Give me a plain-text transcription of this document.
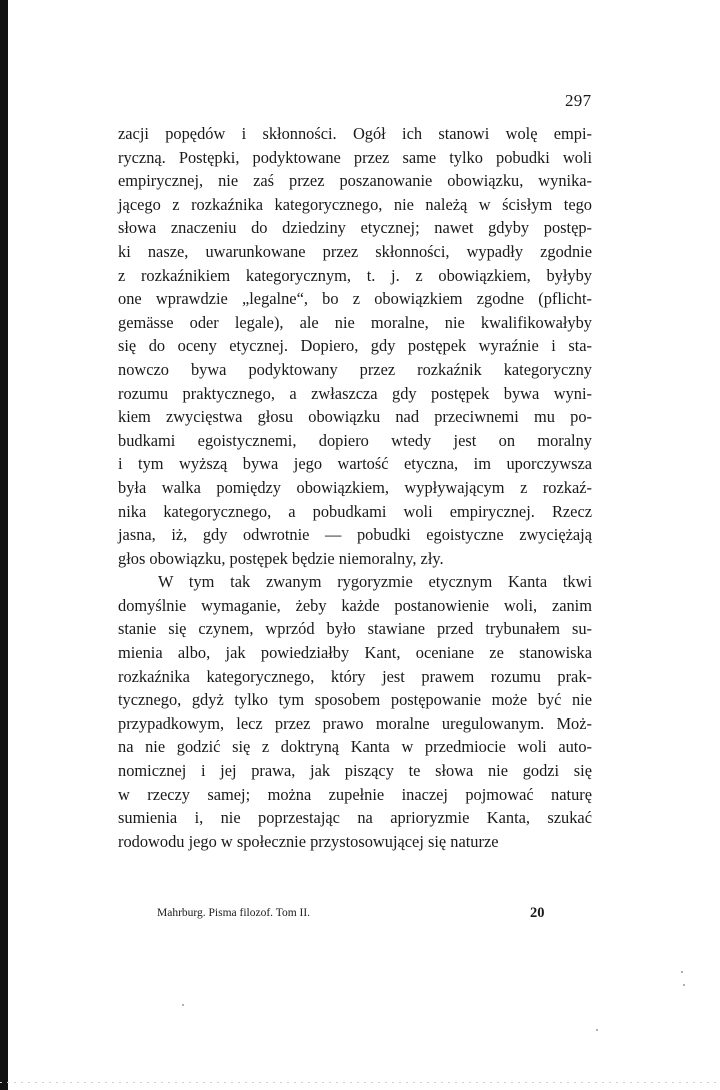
297
zacji popędów i skłonności. Ogół ich stanowi wolę empi-
ryczną. Postępki, podyktowane przez same tylko pobudki woli
empirycznej, nie zaś przez poszanowanie obowiązku, wynika-
jącego z rozkaźnika kategorycznego, nie należą w ścisłym tego
słowa znaczeniu do dziedziny etycznej; nawet gdyby postęp-
ki nasze, uwarunkowane przez skłonności, wypadły zgodnie
z rozkaźnikiem kategorycznym, t. j. z obowiązkiem, byłyby
one wprawdzie „legalne“, bo z obowiązkiem zgodne (pflicht-
gemässe oder legale), ale nie moralne, nie kwalifikowałyby
się do oceny etycznej. Dopiero, gdy postępek wyraźnie i sta-
nowczo bywa podyktowany przez rozkaźnik kategoryczny
rozumu praktycznego, a zwłaszcza gdy postępek bywa wyni-
kiem zwycięstwa głosu obowiązku nad przeciwnemi mu po-
budkami egoistycznemi, dopiero wtedy jest on moralny
i tym wyższą bywa jego wartość etyczna, im uporczywsza
była walka pomiędzy obowiązkiem, wypływającym z rozkaź-
nika kategorycznego, a pobudkami woli empirycznej. Rzecz
jasna, iż, gdy odwrotnie — pobudki egoistyczne zwyciężają
głos obowiązku, postępek będzie niemoralny, zły.
W tym tak zwanym rygoryzmie etycznym Kanta tkwi
domyślnie wymaganie, żeby każde postanowienie woli, zanim
stanie się czynem, wprzód było stawiane przed trybunałem su-
mienia albo, jak powiedziałby Kant, oceniane ze stanowiska
rozkaźnika kategorycznego, który jest prawem rozumu prak-
tycznego, gdyż tylko tym sposobem postępowanie może być nie
przypadkowym, lecz przez prawo moralne uregulowanym. Moż-
na nie godzić się z doktryną Kanta w przedmiocie woli auto-
nomicznej i jej prawa, jak piszący te słowa nie godzi się
w rzeczy samej; można zupełnie inaczej pojmować naturę
sumienia i, nie poprzestając na aprioryzmie Kanta, szukać
rodowodu jego w społecznie przystosowującej się naturze
Mahrburg. Pisma filozof. Tom II.	20
